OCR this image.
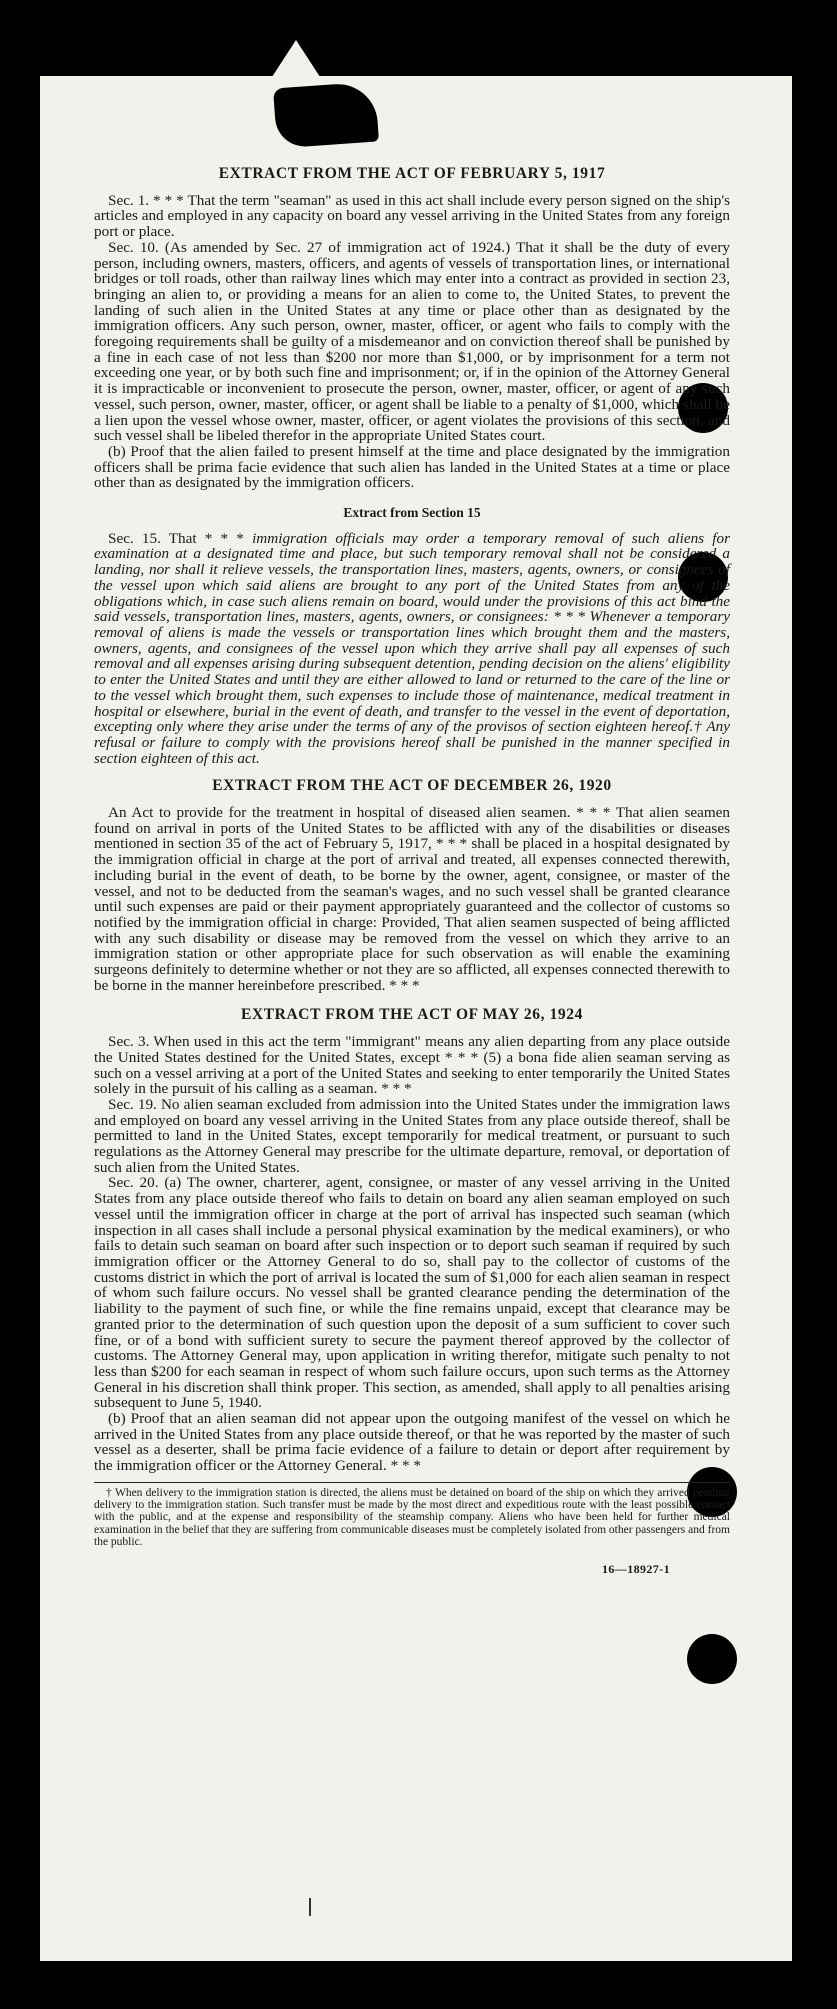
EXTRACT FROM THE ACT OF FEBRUARY 5, 1917

Sec. 1. * * * That the term "seaman" as used in this act shall include every person signed on the ship's articles and employed in any capacity on board any vessel arriving in the United States from any foreign port or place.

Sec. 10. (As amended by Sec. 27 of immigration act of 1924.) That it shall be the duty of every person, including owners, masters, officers, and agents of vessels of transportation lines, or international bridges or toll roads, other than railway lines which may enter into a contract as provided in section 23, bringing an alien to, or providing a means for an alien to come to, the United States, to prevent the landing of such alien in the United States at any time or place other than as designated by the immigration officers. Any such person, owner, master, officer, or agent who fails to comply with the foregoing requirements shall be guilty of a misdemeanor and on conviction thereof shall be punished by a fine in each case of not less than $200 nor more than $1,000, or by imprisonment for a term not exceeding one year, or by both such fine and imprisonment; or, if in the opinion of the Attorney General it is impracticable or inconvenient to prosecute the person, owner, master, officer, or agent of any such vessel, such person, owner, master, officer, or agent shall be liable to a penalty of $1,000, which shall be a lien upon the vessel whose owner, master, officer, or agent violates the provisions of this section, and such vessel shall be libeled therefor in the appropriate United States court.

(b) Proof that the alien failed to present himself at the time and place designated by the immigration officers shall be prima facie evidence that such alien has landed in the United States at a time or place other than as designated by the immigration officers.

Extract from Section 15

Sec. 15. That * * * immigration officials may order a temporary removal of such aliens for examination at a designated time and place, but such temporary removal shall not be considered a landing, nor shall it relieve vessels, the transportation lines, masters, agents, owners, or consignees of the vessel upon which said aliens are brought to any port of the United States from any of the obligations which, in case such aliens remain on board, would under the provisions of this act bind the said vessels, transportation lines, masters, agents, owners, or consignees: * * * Whenever a temporary removal of aliens is made the vessels or transportation lines which brought them and the masters, owners, agents, and consignees of the vessel upon which they arrive shall pay all expenses of such removal and all expenses arising during subsequent detention, pending decision on the aliens' eligibility to enter the United States and until they are either allowed to land or returned to the care of the line or to the vessel which brought them, such expenses to include those of maintenance, medical treatment in hospital or elsewhere, burial in the event of death, and transfer to the vessel in the event of deportation, excepting only where they arise under the terms of any of the provisos of section eighteen hereof.† Any refusal or failure to comply with the provisions hereof shall be punished in the manner specified in section eighteen of this act.

EXTRACT FROM THE ACT OF DECEMBER 26, 1920

An Act to provide for the treatment in hospital of diseased alien seamen. * * * That alien seamen found on arrival in ports of the United States to be afflicted with any of the disabilities or diseases mentioned in section 35 of the act of February 5, 1917, * * * shall be placed in a hospital designated by the immigration official in charge at the port of arrival and treated, all expenses connected therewith, including burial in the event of death, to be borne by the owner, agent, consignee, or master of the vessel, and not to be deducted from the seaman's wages, and no such vessel shall be granted clearance until such expenses are paid or their payment appropriately guaranteed and the collector of customs so notified by the immigration official in charge: Provided, That alien seamen suspected of being afflicted with any such disability or disease may be removed from the vessel on which they arrive to an immigration station or other appropriate place for such observation as will enable the examining surgeons definitely to determine whether or not they are so afflicted, all expenses connected therewith to be borne in the manner hereinbefore prescribed. * * *

EXTRACT FROM THE ACT OF MAY 26, 1924

Sec. 3. When used in this act the term "immigrant" means any alien departing from any place outside the United States destined for the United States, except * * * (5) a bona fide alien seaman serving as such on a vessel arriving at a port of the United States and seeking to enter temporarily the United States solely in the pursuit of his calling as a seaman. * * *

Sec. 19. No alien seaman excluded from admission into the United States under the immigration laws and employed on board any vessel arriving in the United States from any place outside thereof, shall be permitted to land in the United States, except temporarily for medical treatment, or pursuant to such regulations as the Attorney General may prescribe for the ultimate departure, removal, or deportation of such alien from the United States.

Sec. 20. (a) The owner, charterer, agent, consignee, or master of any vessel arriving in the United States from any place outside thereof who fails to detain on board any alien seaman employed on such vessel until the immigration officer in charge at the port of arrival has inspected such seaman (which inspection in all cases shall include a personal physical examination by the medical examiners), or who fails to detain such seaman on board after such inspection or to deport such seaman if required by such immigration officer or the Attorney General to do so, shall pay to the collector of customs of the customs district in which the port of arrival is located the sum of $1,000 for each alien seaman in respect of whom such failure occurs. No vessel shall be granted clearance pending the determination of the liability to the payment of such fine, or while the fine remains unpaid, except that clearance may be granted prior to the determination of such question upon the deposit of a sum sufficient to cover such fine, or of a bond with sufficient surety to secure the payment thereof approved by the collector of customs. The Attorney General may, upon application in writing therefor, mitigate such penalty to not less than $200 for each seaman in respect of whom such failure occurs, upon such terms as the Attorney General in his discretion shall think proper. This section, as amended, shall apply to all penalties arising subsequent to June 5, 1940.

(b) Proof that an alien seaman did not appear upon the outgoing manifest of the vessel on which he arrived in the United States from any place outside thereof, or that he was reported by the master of such vessel as a deserter, shall be prima facie evidence of a failure to detain or deport after requirement by the immigration officer or the Attorney General. * * *

† When delivery to the immigration station is directed, the aliens must be detained on board of the ship on which they arrived pending delivery to the immigration station. Such transfer must be made by the most direct and expeditious route with the least possible contact with the public, and at the expense and responsibility of the steamship company. Aliens who have been held for further medical examination in the belief that they are suffering from communicable diseases must be completely isolated from other passengers and from the public.

16—18927-1
